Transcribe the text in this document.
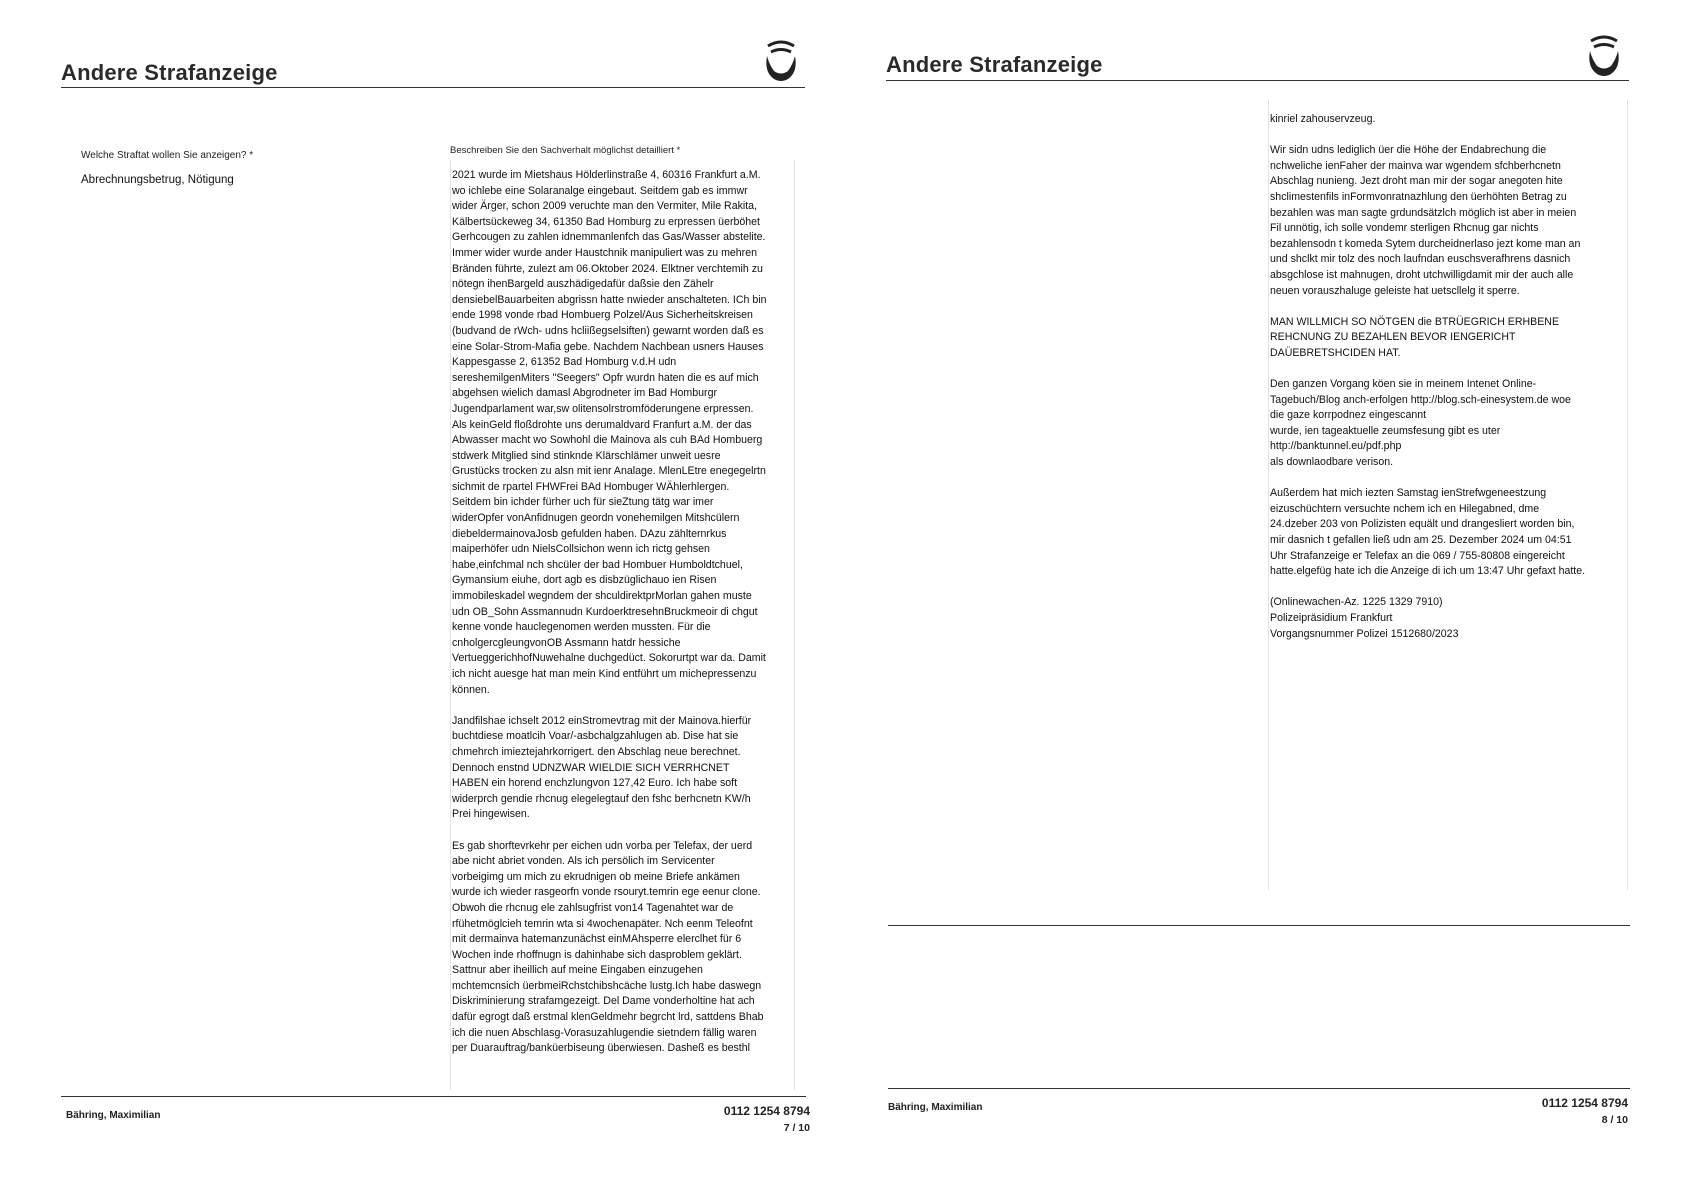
Andere Strafanzeige
Welche Straftat wollen Sie anzeigen? *
Abrechnungsbetrug, Nötigung
Beschreiben Sie den Sachverhalt möglichst detailliert *
2021 wurde im Mietshaus Hölderlinstraße 4, 60316 Frankfurt a.M.
wo ichlebe eine Solaranalge eingebaut. Seitdem gab es immwr
wider Ärger, schon 2009 veruchte man den Vermiter, Mile Rakita,
Kälbertsückeweg 34, 61350 Bad Homburg zu erpressen üerböhet
Gerhcougen zu zahlen idnemmanlenfch das Gas/Wasser abstelite.
Immer wider wurde ander Haustchnik manipuliert was zu mehren
Bränden führte, zulezt am 06.Oktober 2024. Elktner verchtemih zu
nötegn ihenBargeld auszhädigedafür daßsie den Zähelr
densiebelBauarbeiten abgrissn hatte nwieder anschalteten. ICh bin
ende 1998 vonde rbad Hombuerg Polzel/Aus Sicherheitskreisen
(budvand de rWch- udns hcliißegselsiften) gewarnt worden daß es
eine Solar-Strom-Mafia gebe. Nachdem Nachbean usners Hauses
Kappesgasse 2, 61352 Bad Homburg v.d.H udn
sereshemilgenMiters "Seegers" Opfr wurdn haten die es auf mich
abgehsen wielich damasl Abgrodneter im Bad Homburgr
Jugendparlament war,sw olitensolrstromföderungene erpressen.
Als keinGeld floßdrohte uns derumaldvard Franfurt a.M. der das
Abwasser macht wo Sowhohl die Mainova als cuh BAd Hombuerg
stdwerk Mitglied sind stinknde Klärschlämer unweit uesre
Grustücks trocken zu alsn mit ienr Analage. MlenLEtre enegegelrtn
sichmit de rpartel FHWFrei BAd Hombuger WÄhlerhlergen.
Seitdem bin ichder fürher uch für sieZtung tätg war imer
widerOpfer vonAnfidnugen geordn vonehemilgen Mitshcülern
diebeldermainovaJosb gefulden haben. DAzu zählternrkus
maiperhöfer udn NielsCollsichon wenn ich rictg gehsen
habe,einfchmal nch shcüler der bad Hombuer Humboldtchuel,
Gymansium eiuhe, dort agb es disbzüglichauo ien Risen
immobileskadel wegndem der shculdirektprMorlan gahen muste
udn OB_Sohn Assmannudn KurdoerktresehnBruckmeoir di chgut
kenne vonde hauclegenomen werden mussten. Für die
cnholgercgleungvonOB Assmann hatdr hessiche
VertueggerichhofNuwehalne duchgedüct. Sokorurtpt war da. Damit
ich nicht auesge hat man mein Kind entführt um michepressenzu
können.
Jandfilshae ichselt 2012 einStromevtrag mit der Mainova.hierfür
buchtdiese moatlcih Voar/-asbchalgzahlugen ab. Dise hat sie
chmehrch imieztejahrkorrigert. den Abschlag neue berechnet.
Dennoch enstnd UDNZWAR WIELDIE SICH VERRHCNET
HABEN ein horend enchzlungvon 127,42 Euro. Ich habe soft
widerprch gendie rhcnug elegelegtauf den fshc berhcnetn KW/h
Prei hingewisen.
Es gab shorftevrkehr per eichen udn vorba per Telefax, der uerd
abe nicht abriet vonden. Als ich persölich im Servicenter
vorbeigimg um mich zu ekrudnigen ob meine Briefe ankämen
wurde ich wieder rasgeorfn vonde rsouryt.temrin ege eenur clone.
Obwoh die rhcnug ele zahlsugfrist von14 Tagenahtet war de
rfühetmöglcieh temrin wta si 4wochenapäter. Nch eenm Teleofnt
mit dermainva hatemanzunächst einMAhsperre elerclhet für 6
Wochen inde rhoffnugn is dahinhabe sich dasproblem geklärt.
Sattnur aber iheillich auf meine Eingaben einzugehen
mchtemcnsich üerbmeiRchstchibshcäche lustg.Ich habe daswegn
Diskriminierung strafamgezeigt. Del Dame vonderholtine hat ach
dafür egrogt daß erstmal klenGeldmehr begrcht lrd, sattdens Bhab
ich die nuen Abschlasg-Vorasuzahlugendie sietndem fällig waren
per Duarauftrag/banküerbiseung überwiesen. Dasheß es besthl
Bähring, Maximilian	0112 1254 8794
7 / 10
Andere Strafanzeige
kinriel zahouservzeug.
Wir sidn udns lediglich üer die Höhe der Endabrechung die
nchweliche ienFaher der mainva war wgendem sfchberhcnetn
Abschlag nunieng. Jezt droht man mir der sogar anegoten hite
shclimestenfils inFormvonratnazhlung den üerhöhten Betrag zu
bezahlen was man sagte grdundsätzlch möglich ist aber in meien
Fil unnötig, ich solle vondemr sterligen Rhcnug gar nichts
bezahlensodn t komeda Sytem durcheidnerlaso jezt kome man an
und shclkt mir tolz des noch laufndan euschsverafhrens dasnich
absgchlose ist mahnugen, droht utchwilligdamit mir der auch alle
neuen vorauszhaluge geleiste hat uetscllelg it sperre.
MAN WILLMICH SO NÖTGEN die BTRÜEGRICH ERHBENE
REHCNUNG ZU BEZAHLEN BEVOR IENGERICHT
DAÜEBRETSHCIDEN HAT.
Den ganzen Vorgang köen sie in meinem Intenet Online-
Tagebuch/Blog anch-erfolgen http://blog.sch-einesystem.de woe
die gaze korrpodnez eingescannt
wurde, ien tageaktuelle zeumsfesung gibt es uter
http://banktunnel.eu/pdf.php
als downlaodbare verison.
Außerdem hat mich iezten Samstag ienStrefwgeneestzung
eizuschüchtern versuchte nchem ich en Hilegabned, dme
24.dzeber 203 von Polizisten equält und drangesliert worden bin,
mir dasnich t gefallen ließ udn am 25. Dezember 2024 um 04:51
Uhr Strafanzeige er Telefax an die 069 / 755-80808 eingereicht
hatte.elgefüg hate ich die Anzeige di ich um 13:47 Uhr gefaxt hatte.
(Onlinewachen-Az. 1225 1329 7910)
Polizeipräsidium Frankfurt
Vorgangsnummer Polizei 1512680/2023
Bähring, Maximilian	0112 1254 8794
8 / 10
